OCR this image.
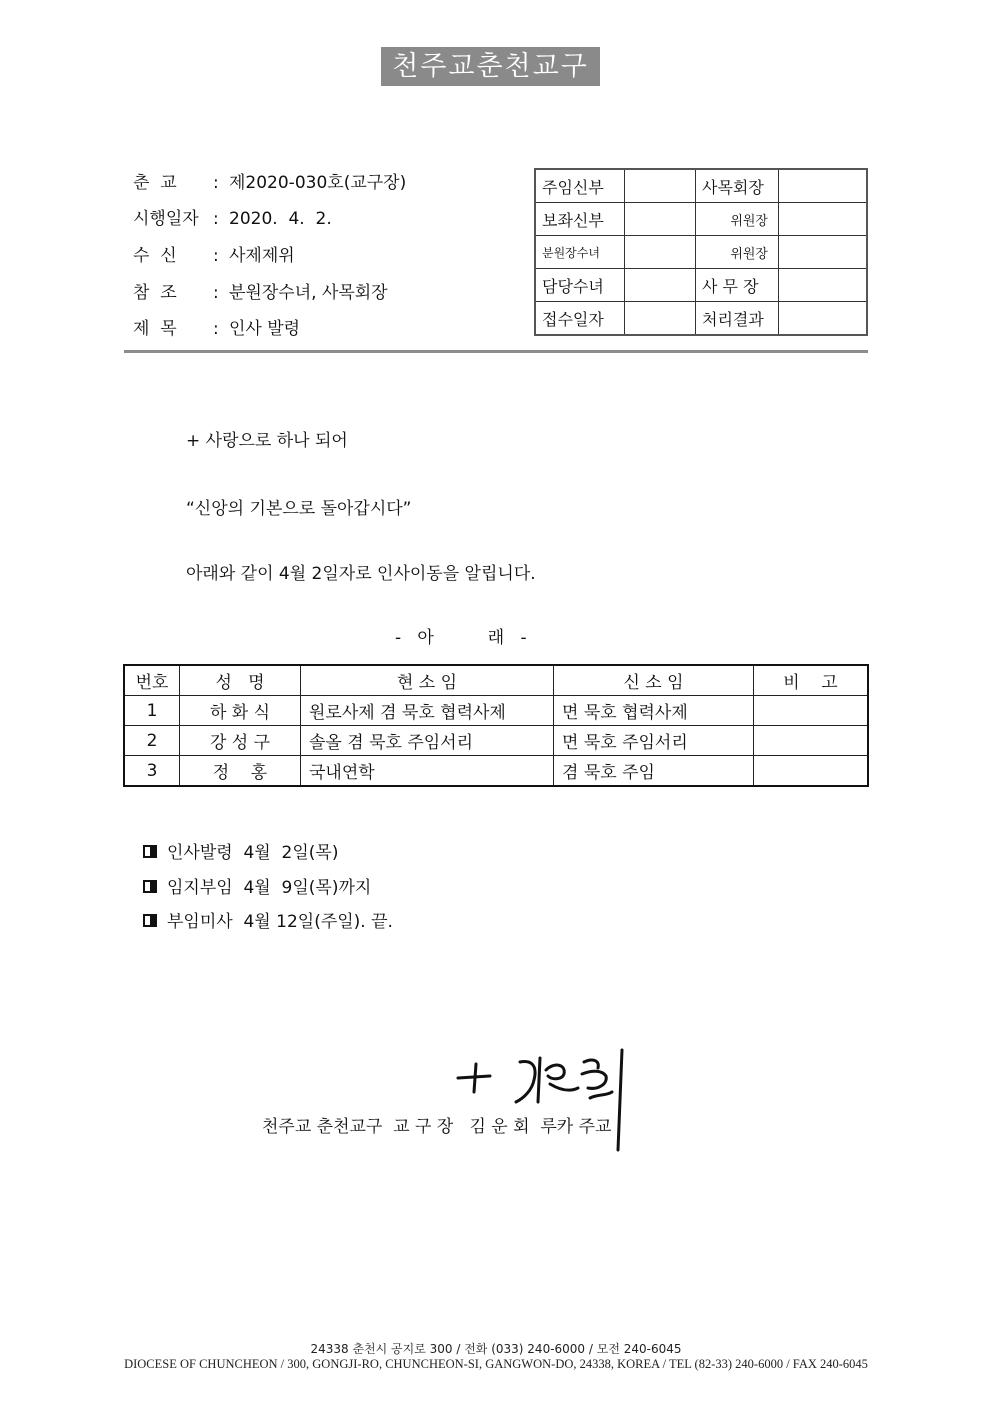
천주교춘천교구
춘  교 : 제2020-030호(교구장)
시행일자 : 2020.  4.  2.
수  신 : 사제제위
참  조 : 분원장수녀, 사목회장
제  목 : 인사 발령
주임신부		사목회장	
보좌신부		위원장	
분원장수녀		위원장	
담당수녀		사 무 장	
접수일자		처리결과	
+ 사랑으로 하나 되어
“신앙의 기본으로 돌아갑시다”
아래와 같이 4월 2일자로 인사이동을 알립니다.
-   아          래   -
번호	성   명	현 소 임	신 소 임	비    고
1	하 화 식	원로사제 겸 묵호 협력사제	면 묵호 협력사제	
2	강 성 구	솔올 겸 묵호 주임서리	면 묵호 주임서리	
3	정    홍	국내연학	겸 묵호 주임	
인사발령  4월  2일(목)
임지부임  4월  9일(목)까지
부임미사  4월 12일(주일). 끝.
천주교 춘천교구  교 구 장   김 운 회  루카 주교
24338 춘천시 공지로 300 / 전화 (033) 240-6000 / 모전 240-6045
DIOCESE OF CHUNCHEON / 300, GONGJI-RO, CHUNCHEON-SI, GANGWON-DO, 24338, KOREA / TEL (82-33) 240-6000 / FAX 240-6045
